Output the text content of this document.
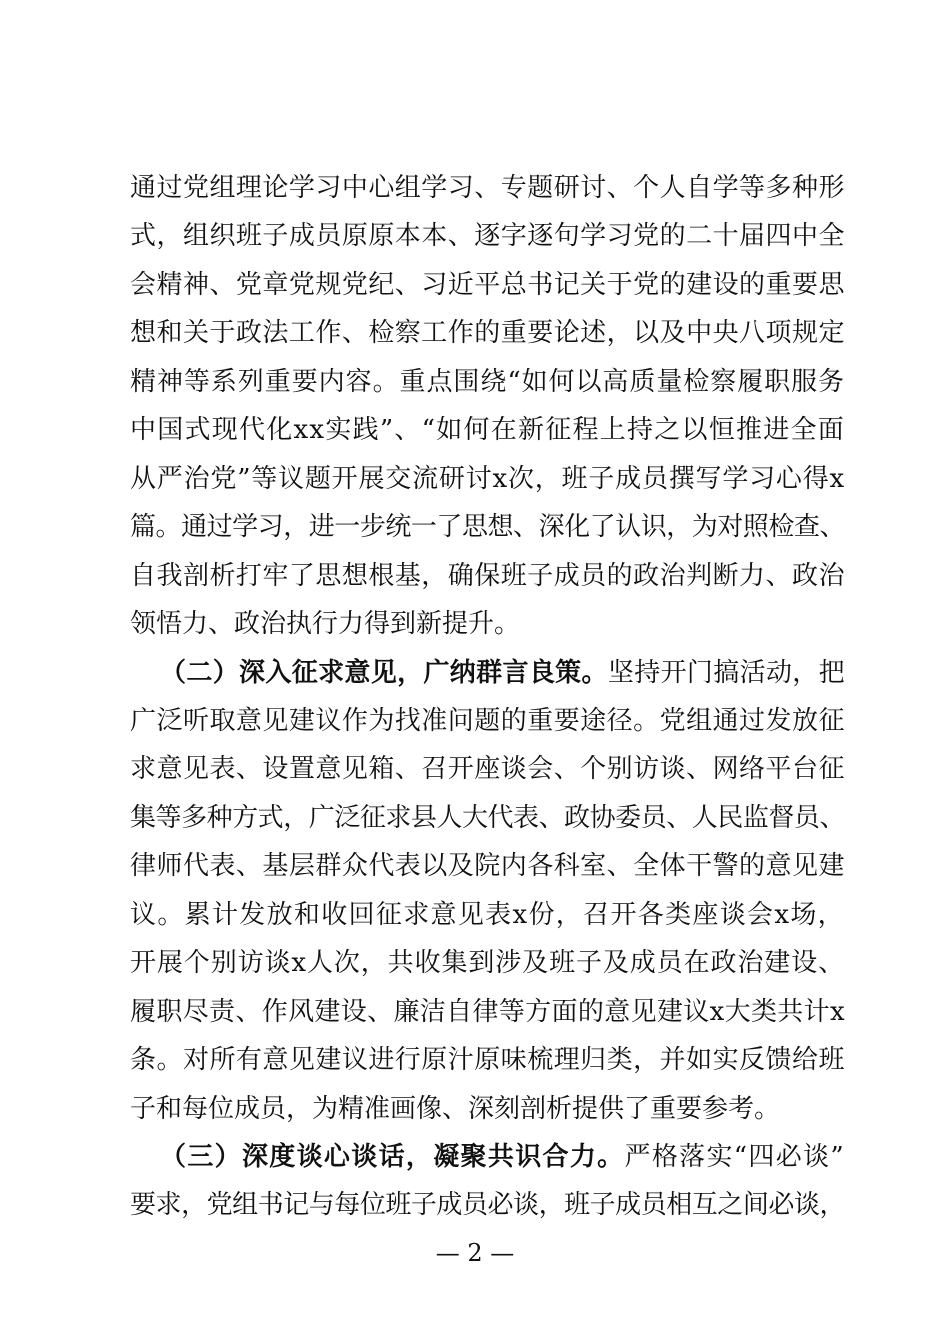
通过党组理论学习中心组学习、专题研讨、个人自学等多种形
式，组织班子成员原原本本、逐字逐句学习党的二十届四中全
会精神、党章党规党纪、习近平总书记关于党的建设的重要思
想和关于政法工作、检察工作的重要论述，以及中央八项规定
精神等系列重要内容。重点围绕“如何以高质量检察履职服务
中国式现代化xx实践”、“如何在新征程上持之以恒推进全面
从严治党”等议题开展交流研讨x次，班子成员撰写学习心得x
篇。通过学习，进一步统一了思想、深化了认识，为对照检查、
自我剖析打牢了思想根基，确保班子成员的政治判断力、政治
领悟力、政治执行力得到新提升。
（二）深入征求意见，广纳群言良策。坚持开门搞活动，把
广泛听取意见建议作为找准问题的重要途径。党组通过发放征
求意见表、设置意见箱、召开座谈会、个别访谈、网络平台征
集等多种方式，广泛征求县人大代表、政协委员、人民监督员、
律师代表、基层群众代表以及院内各科室、全体干警的意见建
议。累计发放和收回征求意见表x份，召开各类座谈会x场，
开展个别访谈x人次，共收集到涉及班子及成员在政治建设、
履职尽责、作风建设、廉洁自律等方面的意见建议x大类共计x
条。对所有意见建议进行原汁原味梳理归类，并如实反馈给班
子和每位成员，为精准画像、深刻剖析提供了重要参考。
（三）深度谈心谈话，凝聚共识合力。严格落实“四必谈”
要求，党组书记与每位班子成员必谈，班子成员相互之间必谈，
— 2 —
